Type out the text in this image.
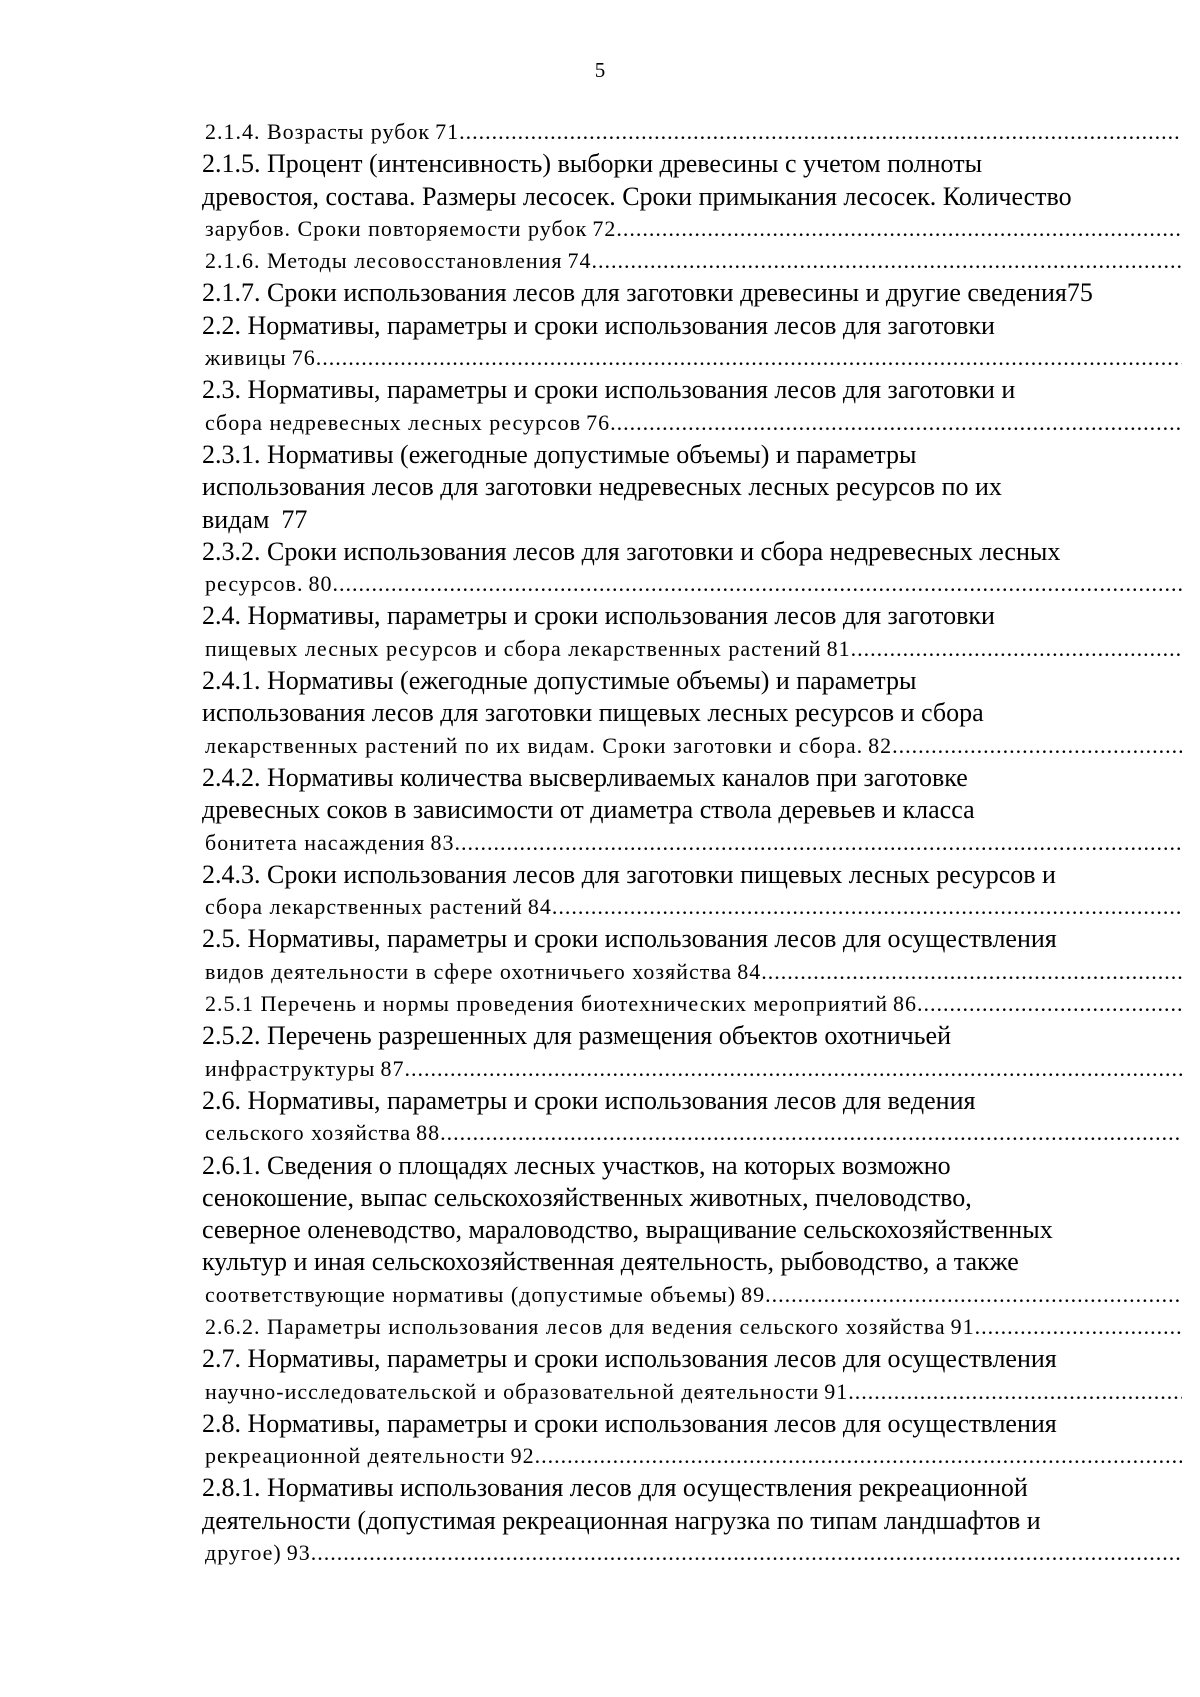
5
2.1.4. Возрасты рубок 71
.....
2.1.5. Процент (интенсивность) выборки древесины с учетом полноты
древостоя, состава. Размеры лесосек. Сроки примыкания лесосек. Количество
зарубов. Сроки повторяемости рубок 72
.....
2.1.6. Методы лесовосстановления 74
.....
2.1.7. Сроки использования лесов для заготовки древесины и другие сведения 75
2.2. Нормативы, параметры и сроки использования лесов для заготовки
живицы 76
.....
2.3. Нормативы, параметры и сроки использования лесов для заготовки и
сбора недревесных лесных ресурсов 76
.....
2.3.1. Нормативы (ежегодные допустимые объемы) и параметры
использования лесов для заготовки недревесных лесных ресурсов по их
видам 77
2.3.2. Сроки использования лесов для заготовки и сбора недревесных лесных
ресурсов. 80
.....
2.4. Нормативы, параметры и сроки использования лесов для заготовки
пищевых лесных ресурсов и сбора лекарственных растений 81
.....
2.4.1. Нормативы (ежегодные допустимые объемы) и параметры
использования лесов для заготовки пищевых лесных ресурсов и сбора
лекарственных растений по их видам. Сроки заготовки и сбора. 82
.....
2.4.2. Нормативы количества высверливаемых каналов при заготовке
древесных соков в зависимости от диаметра ствола деревьев и класса
бонитета насаждения 83
.....
2.4.3. Сроки использования лесов для заготовки пищевых лесных ресурсов и
сбора лекарственных растений 84
.....
2.5. Нормативы, параметры и сроки использования лесов для осуществления
видов деятельности в сфере охотничьего хозяйства 84
.....
2.5.1 Перечень и нормы проведения биотехнических мероприятий 86
.....
2.5.2. Перечень разрешенных для размещения объектов охотничьей
инфраструктуры 87
.....
2.6. Нормативы, параметры и сроки использования лесов для ведения
сельского хозяйства 88
.....
2.6.1. Сведения о площадях лесных участков, на которых возможно
сенокошение, выпас сельскохозяйственных животных, пчеловодство,
северное оленеводство, мараловодство, выращивание сельскохозяйственных
культур и иная сельскохозяйственная деятельность, рыбоводство, а также
соответствующие нормативы (допустимые объемы) 89
.....
2.6.2. Параметры использования лесов для ведения сельского хозяйства 91
.....
2.7. Нормативы, параметры и сроки использования лесов для осуществления
научно-исследовательской и образовательной деятельности 91
.....
2.8. Нормативы, параметры и сроки использования лесов для осуществления
рекреационной деятельности 92
.....
2.8.1. Нормативы использования лесов для осуществления рекреационной
деятельности (допустимая рекреационная нагрузка по типам ландшафтов и
другое) 93
.....
